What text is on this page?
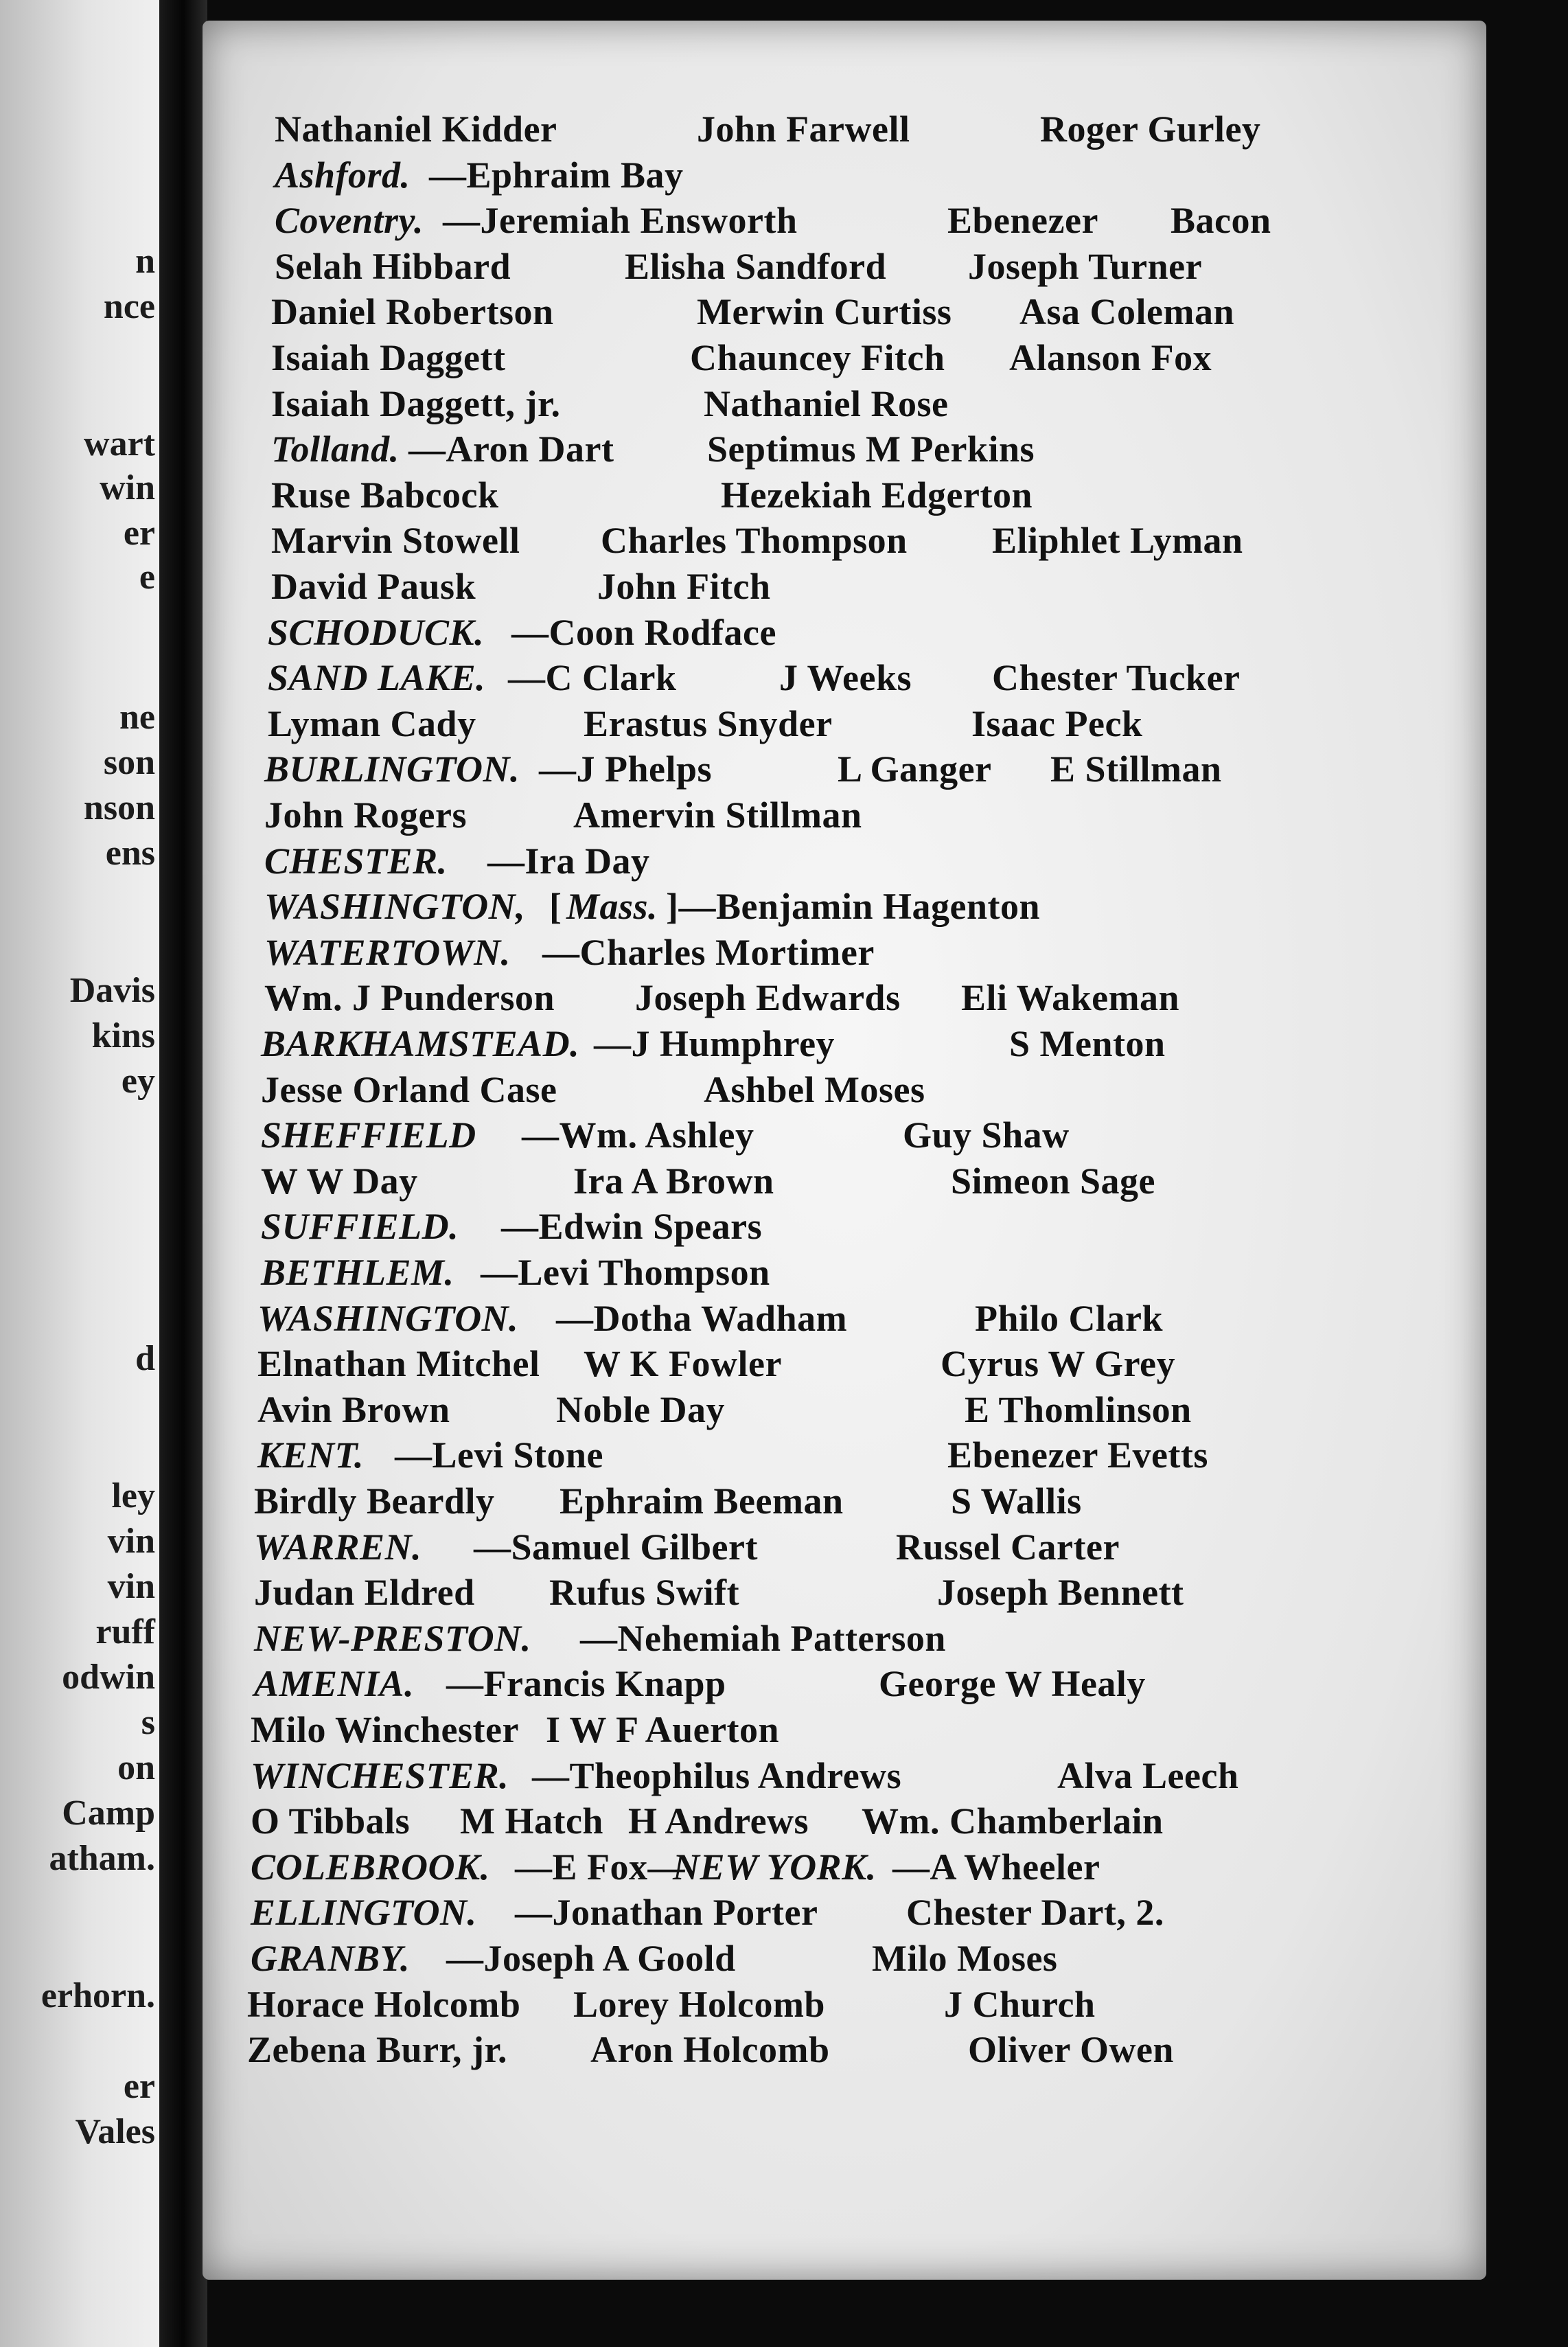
n
nce
wart
win
er
e
ne
son
nson
ens
Davis
kins
ey
d
ley
vin
vin
ruff
odwin
s
on
Camp
atham.
erhorn.
er
Vales
Nathaniel Kidder	John Farwell	Roger Gurley
Ashford. —Ephraim Bay
Coventry. —Jeremiah Ensworth	Ebenezer Bacon
Selah Hibbard	Elisha Sandford Joseph Turner
Daniel Robertson	Merwin Curtiss Asa Coleman
Isaiah Daggett	Chauncey Fitch Alanson Fox
Isaiah Daggett, jr.	Nathaniel Rose
Tolland. —Aron Dart	Septimus M Perkins
Ruse Babcock	Hezekiah Edgerton
Marvin Stowell Charles Thompson Eliphlet Lyman
David Pausk	John Fitch
SCHODUCK. —Coon Rodface
SAND LAKE. —C Clark	J Weeks Chester Tucker
Lyman Cady	Erastus Snyder	Isaac Peck
BURLINGTON. —J Phelps	L Ganger E Stillman
John Rogers	Amervin Stillman
CHESTER. —Ira Day
WASHINGTON, [ Mass. ]—Benjamin Hagenton
WATERTOWN. —Charles Mortimer
Wm. J Punderson Joseph Edwards Eli Wakeman
BARKHAMSTEAD. —J Humphrey	S Menton
Jesse Orland Case	Ashbel Moses
SHEFFIELD —Wm. Ashley	Guy Shaw
W W Day	Ira A Brown	Simeon Sage
SUFFIELD. —Edwin Spears
BETHLEM. —Levi Thompson
WASHINGTON. —Dotha Wadham	Philo Clark
Elnathan Mitchel W K Fowler	Cyrus W Grey
Avin Brown	Noble Day	E Thomlinson
KENT. —Levi Stone	Ebenezer Evetts
Birdly Beardly Ephraim Beeman	S Wallis
WARREN. —Samuel Gilbert	Russel Carter
Judan Eldred Rufus Swift	Joseph Bennett
NEW-PRESTON. —Nehemiah Patterson
AMENIA. —Francis Knapp	George W Healy
Milo Winchester I W F Auerton
WINCHESTER. —Theophilus Andrews	Alva Leech
O Tibbals M Hatch H Andrews Wm. Chamberlain
COLEBROOK. —E Fox—
NEW YORK. —A Wheeler
ELLINGTON. —Jonathan Porter Chester Dart, 2.
GRANBY. —Joseph A Goold	Milo Moses
Horace Holcomb Lorey Holcomb	J Church
Zebena Burr, jr. Aron Holcomb	Oliver Owen
